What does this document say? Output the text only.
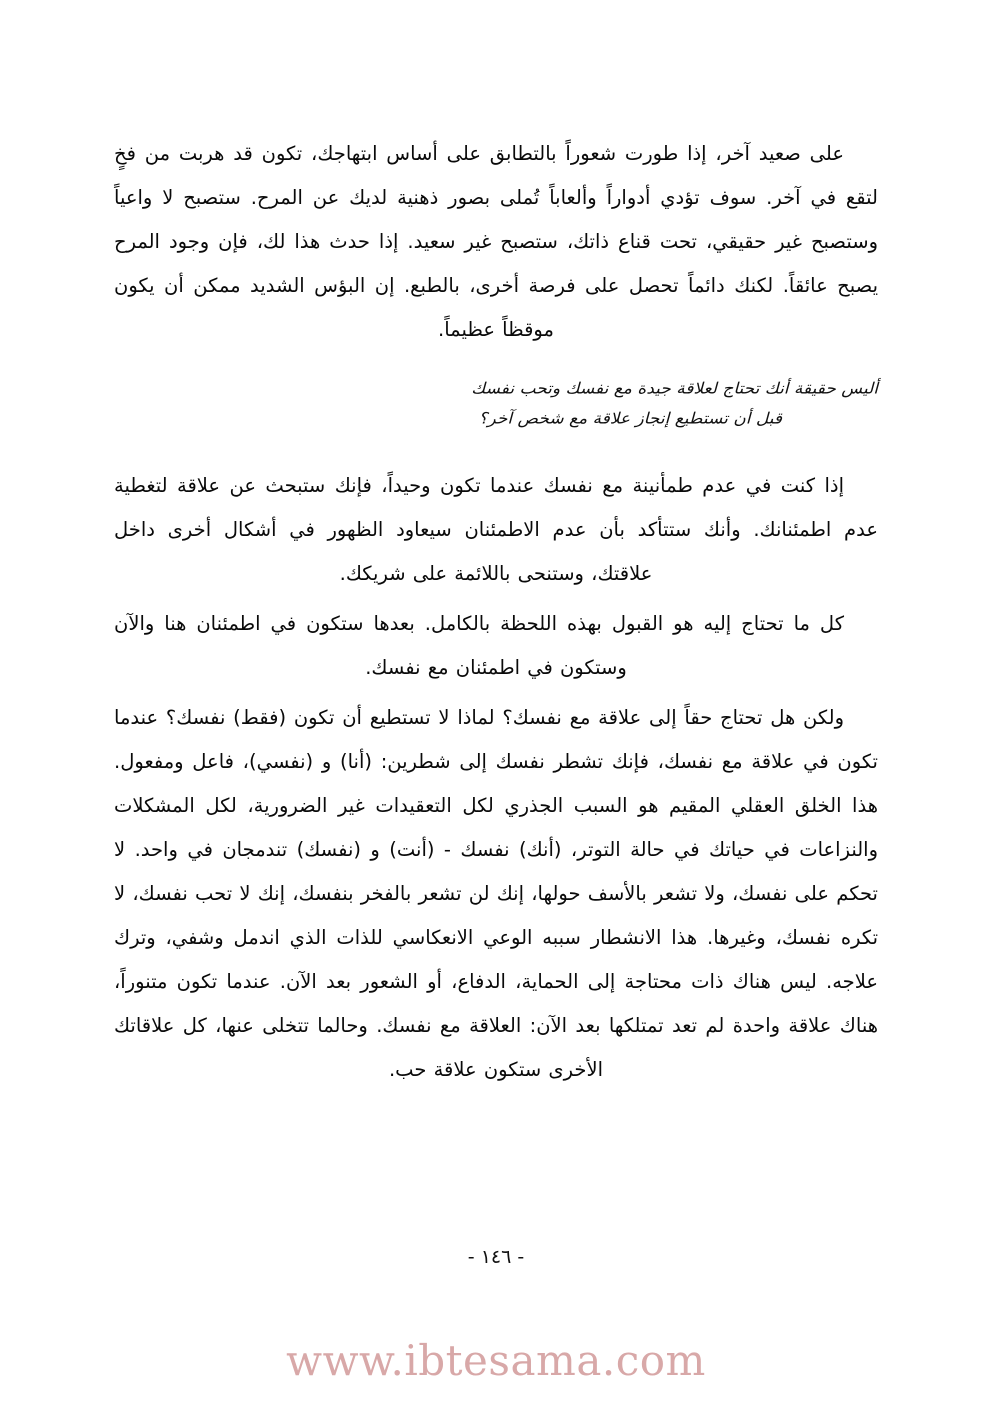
على صعيد آخر، إذا طورت شعوراً بالتطابق على أساس ابتهاجك، تكون قد هربت من فخٍ لتقع في آخر. سوف تؤدي أدواراً وألعاباً تُملى بصور ذهنية لديك عن المرح. ستصبح لا واعياً وستصبح غير حقيقي، تحت قناع ذاتك، ستصبح غير سعيد. إذا حدث هذا لك، فإن وجود المرح يصبح عائقاً. لكنك دائماً تحصل على فرصة أخرى، بالطبع. إن البؤس الشديد ممكن أن يكون موقظاً عظيماً.

أليس حقيقة أنك تحتاج لعلاقة جيدة مع نفسك وتحب نفسك
قبل أن تستطيع إنجاز علاقة مع شخص آخر؟

إذا كنت في عدم طمأنينة مع نفسك عندما تكون وحيداً، فإنك ستبحث عن علاقة لتغطية عدم اطمئنانك. وأنك ستتأكد بأن عدم الاطمئنان سيعاود الظهور في أشكال أخرى داخل علاقتك، وستنحى باللائمة على شريكك.

كل ما تحتاج إليه هو القبول بهذه اللحظة بالكامل. بعدها ستكون في اطمئنان هنا والآن وستكون في اطمئنان مع نفسك.

ولكن هل تحتاج حقاً إلى علاقة مع نفسك؟ لماذا لا تستطيع أن تكون (فقط) نفسك؟ عندما تكون في علاقة مع نفسك، فإنك تشطر نفسك إلى شطرين: (أنا) و (نفسي)، فاعل ومفعول. هذا الخلق العقلي المقيم هو السبب الجذري لكل التعقيدات غير الضرورية، لكل المشكلات والنزاعات في حياتك في حالة التوتر، (أنك) نفسك - (أنت) و (نفسك) تندمجان في واحد. لا تحكم على نفسك، ولا تشعر بالأسف حولها، إنك لن تشعر بالفخر بنفسك، إنك لا تحب نفسك، لا تكره نفسك، وغيرها. هذا الانشطار سببه الوعي الانعكاسي للذات الذي اندمل وشفي، وترك علاجه. ليس هناك ذات محتاجة إلى الحماية، الدفاع، أو الشعور بعد الآن. عندما تكون متنوراً، هناك علاقة واحدة لم تعد تمتلكها بعد الآن: العلاقة مع نفسك. وحالما تتخلى عنها، كل علاقاتك الأخرى ستكون علاقة حب.

- ١٤٦ -
www.ibtesama.com
